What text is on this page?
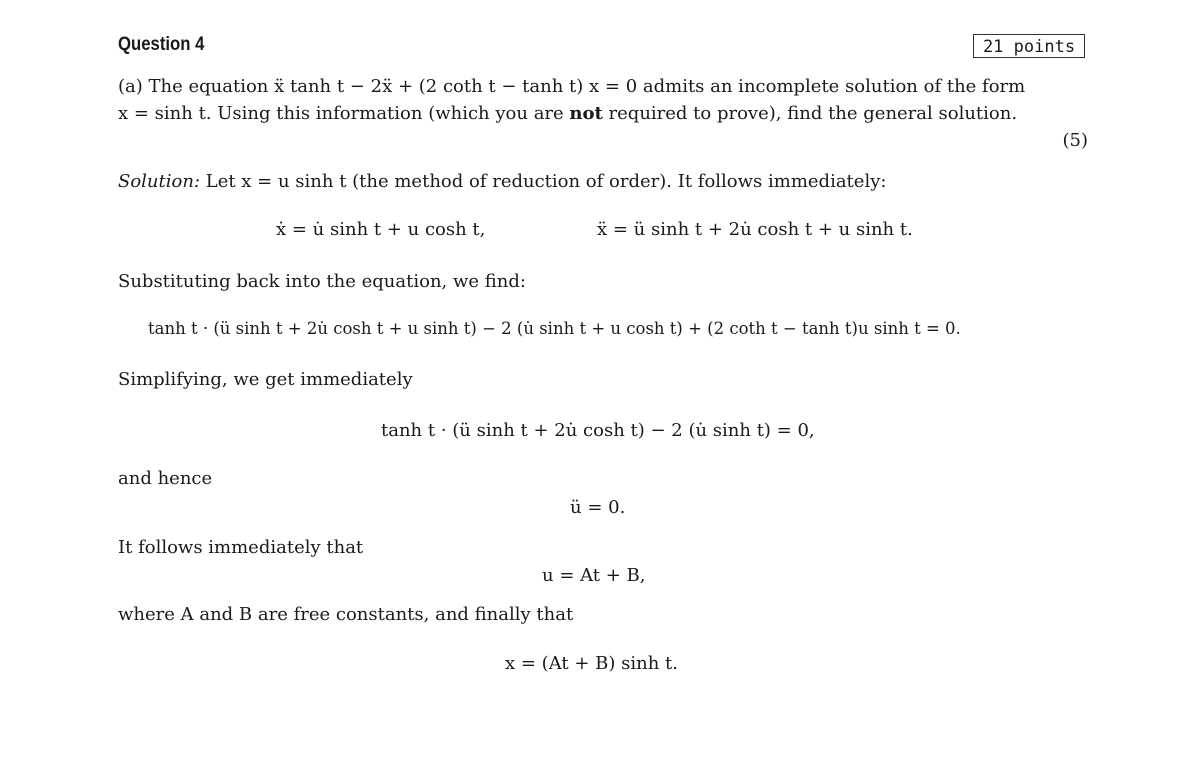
Question 4	21 points
(a) The equation ẍ tanh t − 2ẍ + (2 coth t − tanh t) x = 0 admits an incomplete solution of the form
x = sinh t. Using this information (which you are not required to prove), find the general solution.
(5)
Solution: Let x = u sinh t (the method of reduction of order). It follows immediately:
ẋ = u̇ sinh t + u cosh t,	ẍ = ü sinh t + 2u̇ cosh t + u sinh t.
Substituting back into the equation, we find:
tanh t · (ü sinh t + 2u̇ cosh t + u sinh t) − 2 (u̇ sinh t + u cosh t) + (2 coth t − tanh t)u sinh t = 0.
Simplifying, we get immediately
tanh t · (ü sinh t + 2u̇ cosh t) − 2 (u̇ sinh t) = 0,
and hence
ü = 0.
It follows immediately that
u = At + B,
where A and B are free constants, and finally that
x = (At + B) sinh t.
